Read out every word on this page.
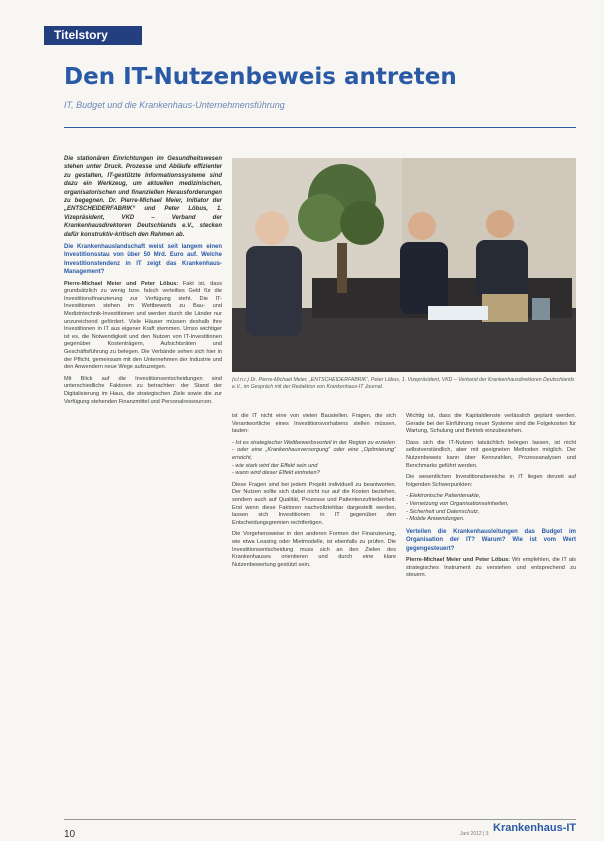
Titelstory
Den IT-Nutzenbeweis antreten
IT, Budget und die Krankenhaus-Unternehmensführung

Die stationären Einrichtungen im Gesundheitswesen stehen unter Druck. Prozesse und Abläufe effizienter zu gestalten, IT-gestützte Informationssysteme sind dazu ein Werkzeug, um aktuellen medizinischen, organisatorischen und finanziellen Herausforderungen zu begegnen. Dr. Pierre-Michael Meier, Initiator der „ENTSCHEIDERFABRIK“ und Peter Löbus, 1. Vizepräsident, VKD – Verband der Krankenhausdirektoren Deutschlands e.V., stecken dafür konstruktiv-kritisch den Rahmen ab.

Die Krankenhauslandschaft weist seit langem einen Investitionsstau von über 50 Mrd. Euro auf. Welche Investitionstendenz in IT zeigt das Krankenhaus-Management?

Pierre-Michael Meier und Peter Löbus: Fakt ist, dass grundsätzlich zu wenig bzw. falsch verteiltes Geld für die Investitionsfinanzierung zur Verfügung steht. Die IT-Investitionen stehen im Wettbewerb zu Bau- und Medizintechnik-Investitionen und werden durch die Länder nur unzureichend gefördert. Viele Häuser müssen deshalb ihre Investitionen in IT aus eigener Kraft stemmen. Umso wichtiger ist es, die Notwendigkeit und den Nutzen von IT-Investitionen gegenüber Kostenträgern, Aufsichtsräten und Geschäftsführung zu belegen. Die Verbände sehen sich hier in der Pflicht, gemeinsam mit den Unternehmen der Industrie und den Anwendern neue Wege aufzuzeigen.

Mit Blick auf die Investitionsentscheidungen sind unterschiedliche Faktoren zu betrachten: der Stand der Digitalisierung im Haus, die strategischen Ziele sowie die zur Verfügung stehenden Finanzmittel und Personalressourcen.

(v.l.n.r.) Dr. Pierre-Michael Meier, „ENTSCHEIDERFABRIK“, Peter Löbus, 1. Vizepräsident, VKD – Verband der Krankenhausdirektoren Deutschlands e.V., im Gespräch mit der Redaktion von Krankenhaus-IT Journal.

ist die IT nicht eine von vielen Baustellen. Fragen, die sich Verantwortliche eines Investitionsvorhabens stellen müssen, lauten:

- Ist es strategischer Wettbewerbsvorteil in der Region zu erzielen
- oder eine „Krankenhausversorgung“ oder eine „Optimierung“ erreicht,
- wie stark wird der Effekt sein und
- wann wird dieser Effekt eintreten?

Diese Fragen sind bei jedem Projekt individuell zu beantworten. Der Nutzen sollte sich dabei nicht nur auf die Kosten beziehen, sondern auch auf Qualität, Prozesse und Patientenzufriedenheit. Erst wenn diese Faktoren nachvollziehbar dargestellt werden, lassen sich Investitionen in IT gegenüber den Entscheidungsgremien rechtfertigen.

Die Vorgehensweise in den anderen Formen der Finanzierung, wie etwa Leasing oder Mietmodelle, ist ebenfalls zu prüfen. Die Investitionsentscheidung muss sich an den Zielen des Krankenhauses orientieren und durch eine klare Nutzenbewertung gestützt sein.

Wichtig ist, dass die Kapitaldienste verlässlich geplant werden. Gerade bei der Einführung neuer Systeme sind die Folgekosten für Wartung, Schulung und Betrieb einzubeziehen.

Dass sich die IT-Nutzen tatsächlich belegen lassen, ist nicht selbstverständlich, aber mit geeigneten Methoden möglich. Der Nutzenbeweis kann über Kennzahlen, Prozessanalysen und Benchmarks geführt werden.

Die wesentlichen Investitionsbereiche in IT liegen derzeit auf folgenden Schwerpunkten:

- Elektronische Patientenakte,
- Vernetzung von Organisationseinheiten,
- Sicherheit und Datenschutz,
- Mobile Anwendungen.

Verteilen die Krankenhausleitungen das Budget im Organisation der IT? Warum? Wie ist vom Wert gegengesteuert?

Pierre-Michael Meier und Peter Löbus: Wir empfehlen, die IT als strategisches Instrument zu verstehen und entsprechend zu steuern.

10	Juni 2012 | 3 Krankenhaus-IT
